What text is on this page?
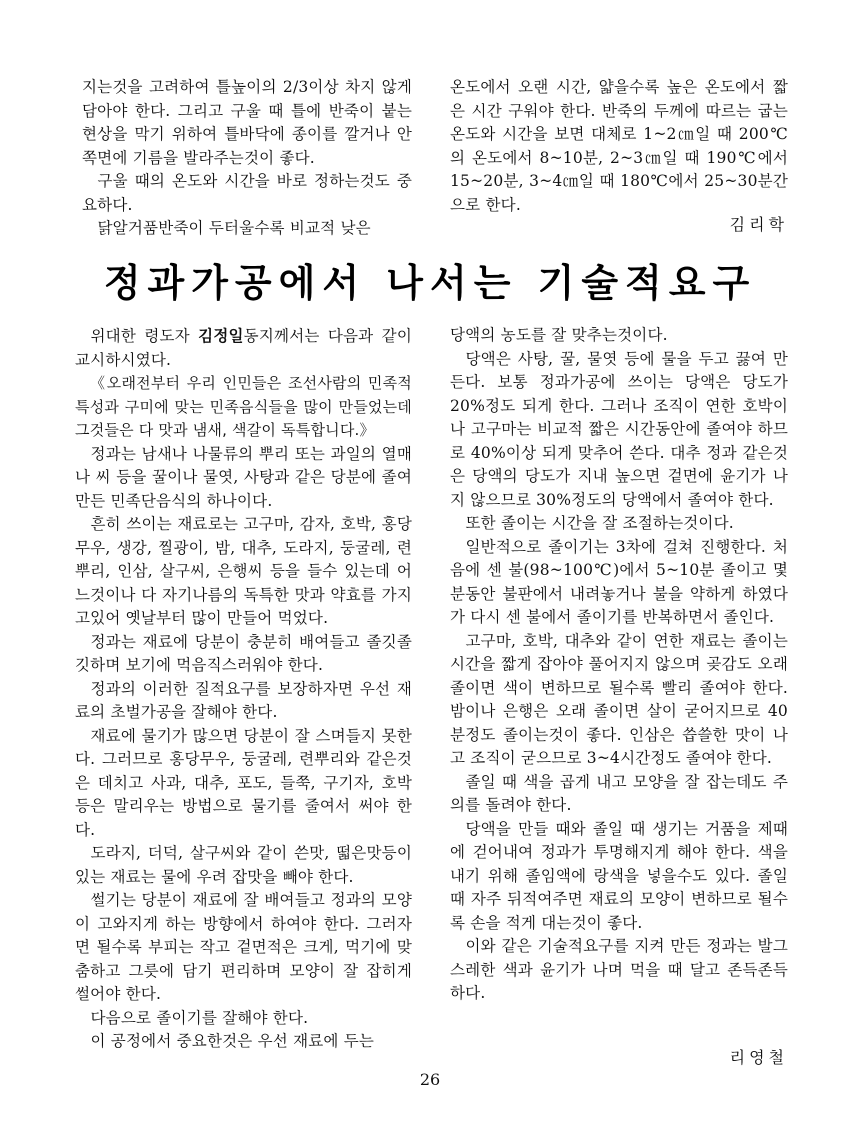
지는것을 고려하여 틀높이의 2/3이상 차지 않게 담아야 한다. 그리고 구울 때 틀에 반죽이 붙는 현상을 막기 위하여 틀바닥에 종이를 깔거나 안쪽면에 기름을 발라주는것이 좋다.

구울 때의 온도와 시간을 바로 정하는것도 중요하다.

닭알거품반죽이 두터울수록 비교적 낮은

온도에서 오랜 시간, 얇을수록 높은 온도에서 짧은 시간 구워야 한다. 반죽의 두께에 따르는 굽는 온도와 시간을 보면 대체로 1~2㎝일 때 200℃의 온도에서 8~10분, 2~3㎝일 때 190℃에서 15~20분, 3~4㎝일 때 180℃에서 25~30분간으로 한다.

김리학
정과가공에서 나서는 기술적요구

위대한 령도자 김정일동지께서는 다음과 같이 교시하시였다.

《오래전부터 우리 인민들은 조선사람의 민족적특성과 구미에 맞는 민족음식들을 많이 만들었는데 그것들은 다 맛과 냄새, 색갈이 독특합니다.》

정과는 남새나 나물류의 뿌리 또는 과일의 열매나 씨 등을 꿀이나 물엿, 사탕과 같은 당분에 졸여 만든 민족단음식의 하나이다.

흔히 쓰이는 재료로는 고구마, 감자, 호박, 홍당무우, 생강, 찔광이, 밤, 대추, 도라지, 둥굴레, 련뿌리, 인삼, 살구씨, 은행씨 등을 들수 있는데 어느것이나 다 자기나름의 독특한 맛과 약효를 가지고있어 옛날부터 많이 만들어 먹었다.

정과는 재료에 당분이 충분히 배여들고 졸깃졸깃하며 보기에 먹음직스러워야 한다.

정과의 이러한 질적요구를 보장하자면 우선 재료의 초벌가공을 잘해야 한다.

재료에 물기가 많으면 당분이 잘 스며들지 못한다. 그러므로 홍당무우, 둥굴레, 련뿌리와 같은것은 데치고 사과, 대추, 포도, 들쭉, 구기자, 호박 등은 말리우는 방법으로 물기를 줄여서 써야 한다.

도라지, 더덕, 살구씨와 같이 쓴맛, 떫은맛등이 있는 재료는 물에 우려 잡맛을 빼야 한다.

썰기는 당분이 재료에 잘 배여들고 정과의 모양이 고와지게 하는 방향에서 하여야 한다. 그러자면 될수록 부피는 작고 겉면적은 크게, 먹기에 맞춤하고 그릇에 담기 편리하며 모양이 잘 잡히게 썰어야 한다.

다음으로 졸이기를 잘해야 한다.

이 공정에서 중요한것은 우선 재료에 두는

당액의 농도를 잘 맞추는것이다.

당액은 사탕, 꿀, 물엿 등에 물을 두고 끓여 만든다. 보통 정과가공에 쓰이는 당액은 당도가 20%정도 되게 한다. 그러나 조직이 연한 호박이나 고구마는 비교적 짧은 시간동안에 졸여야 하므로 40%이상 되게 맞추어 쓴다. 대추 정과 같은것은 당액의 당도가 지내 높으면 겉면에 윤기가 나지 않으므로 30%정도의 당액에서 졸여야 한다.

또한 졸이는 시간을 잘 조절하는것이다.

일반적으로 졸이기는 3차에 걸쳐 진행한다. 처음에 센 불(98~100℃)에서 5~10분 졸이고 몇분동안 불판에서 내려놓거나 불을 약하게 하였다가 다시 센 불에서 졸이기를 반복하면서 졸인다.

고구마, 호박, 대추와 같이 연한 재료는 졸이는 시간을 짧게 잡아야 풀어지지 않으며 곶감도 오래 졸이면 색이 변하므로 될수록 빨리 졸여야 한다. 밤이나 은행은 오래 졸이면 살이 굳어지므로 40분정도 졸이는것이 좋다. 인삼은 씁쓸한 맛이 나고 조직이 굳으므로 3~4시간정도 졸여야 한다.

졸일 때 색을 곱게 내고 모양을 잘 잡는데도 주의를 돌려야 한다.

당액을 만들 때와 졸일 때 생기는 거품을 제때에 걷어내여 정과가 투명해지게 해야 한다. 색을 내기 위해 졸임액에 랑색을 넣을수도 있다. 졸일 때 자주 뒤적여주면 재료의 모양이 변하므로 될수록 손을 적게 대는것이 좋다.

이와 같은 기술적요구를 지켜 만든 정과는 발그스레한 색과 윤기가 나며 먹을 때 달고 존득존득하다.

리영철
26
